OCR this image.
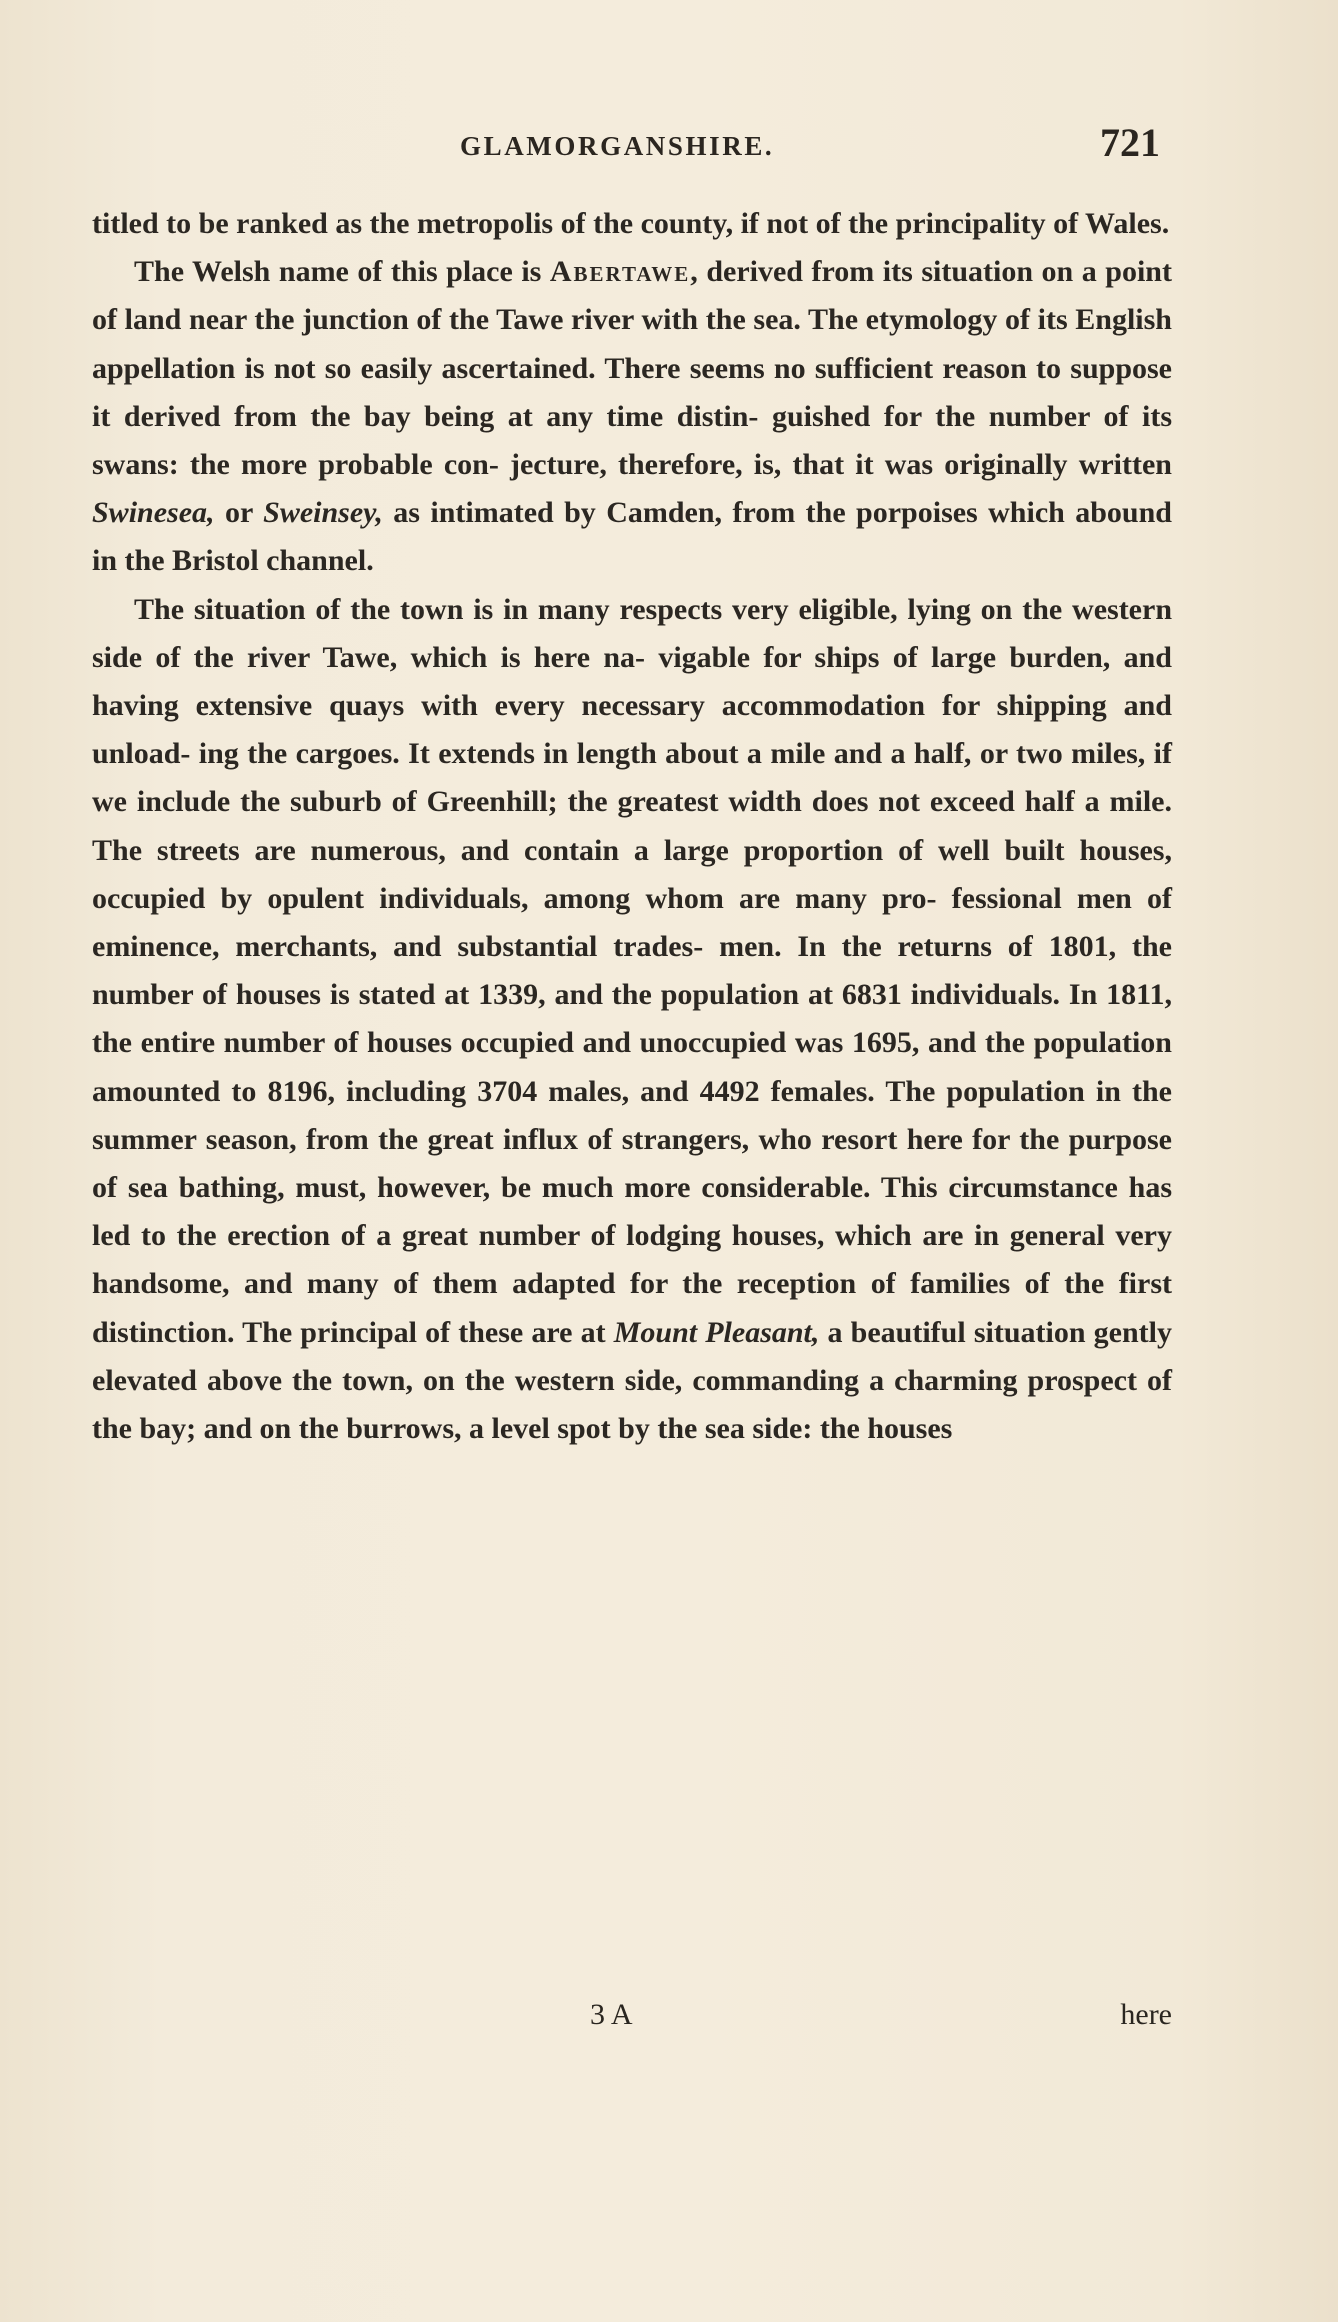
GLAMORGANSHIRE.	721

titled to be ranked as the metropolis of the county, if not of the principality of Wales.

The Welsh name of this place is Abertawe, derived from its situation on a point of land near the junction of the Tawe river with the sea. The etymology of its English appellation is not so easily ascertained. There seems no sufficient reason to suppose it derived from the bay being at any time distin- guished for the number of its swans: the more probable con- jecture, therefore, is, that it was originally written Swinesea, or Sweinsey, as intimated by Camden, from the porpoises which abound in the Bristol channel.

The situation of the town is in many respects very eligible, lying on the western side of the river Tawe, which is here na- vigable for ships of large burden, and having extensive quays with every necessary accommodation for shipping and unload- ing the cargoes. It extends in length about a mile and a half, or two miles, if we include the suburb of Greenhill; the greatest width does not exceed half a mile. The streets are numerous, and contain a large proportion of well built houses, occupied by opulent individuals, among whom are many pro- fessional men of eminence, merchants, and substantial trades- men. In the returns of 1801, the number of houses is stated at 1339, and the population at 6831 individuals. In 1811, the entire number of houses occupied and unoccupied was 1695, and the population amounted to 8196, including 3704 males, and 4492 females. The population in the summer season, from the great influx of strangers, who resort here for the purpose of sea bathing, must, however, be much more considerable. This circumstance has led to the erection of a great number of lodging houses, which are in general very handsome, and many of them adapted for the reception of families of the first distinction. The principal of these are at Mount Pleasant, a beautiful situation gently elevated above the town, on the western side, commanding a charming prospect of the bay; and on the burrows, a level spot by the sea side: the houses

3 A	here
